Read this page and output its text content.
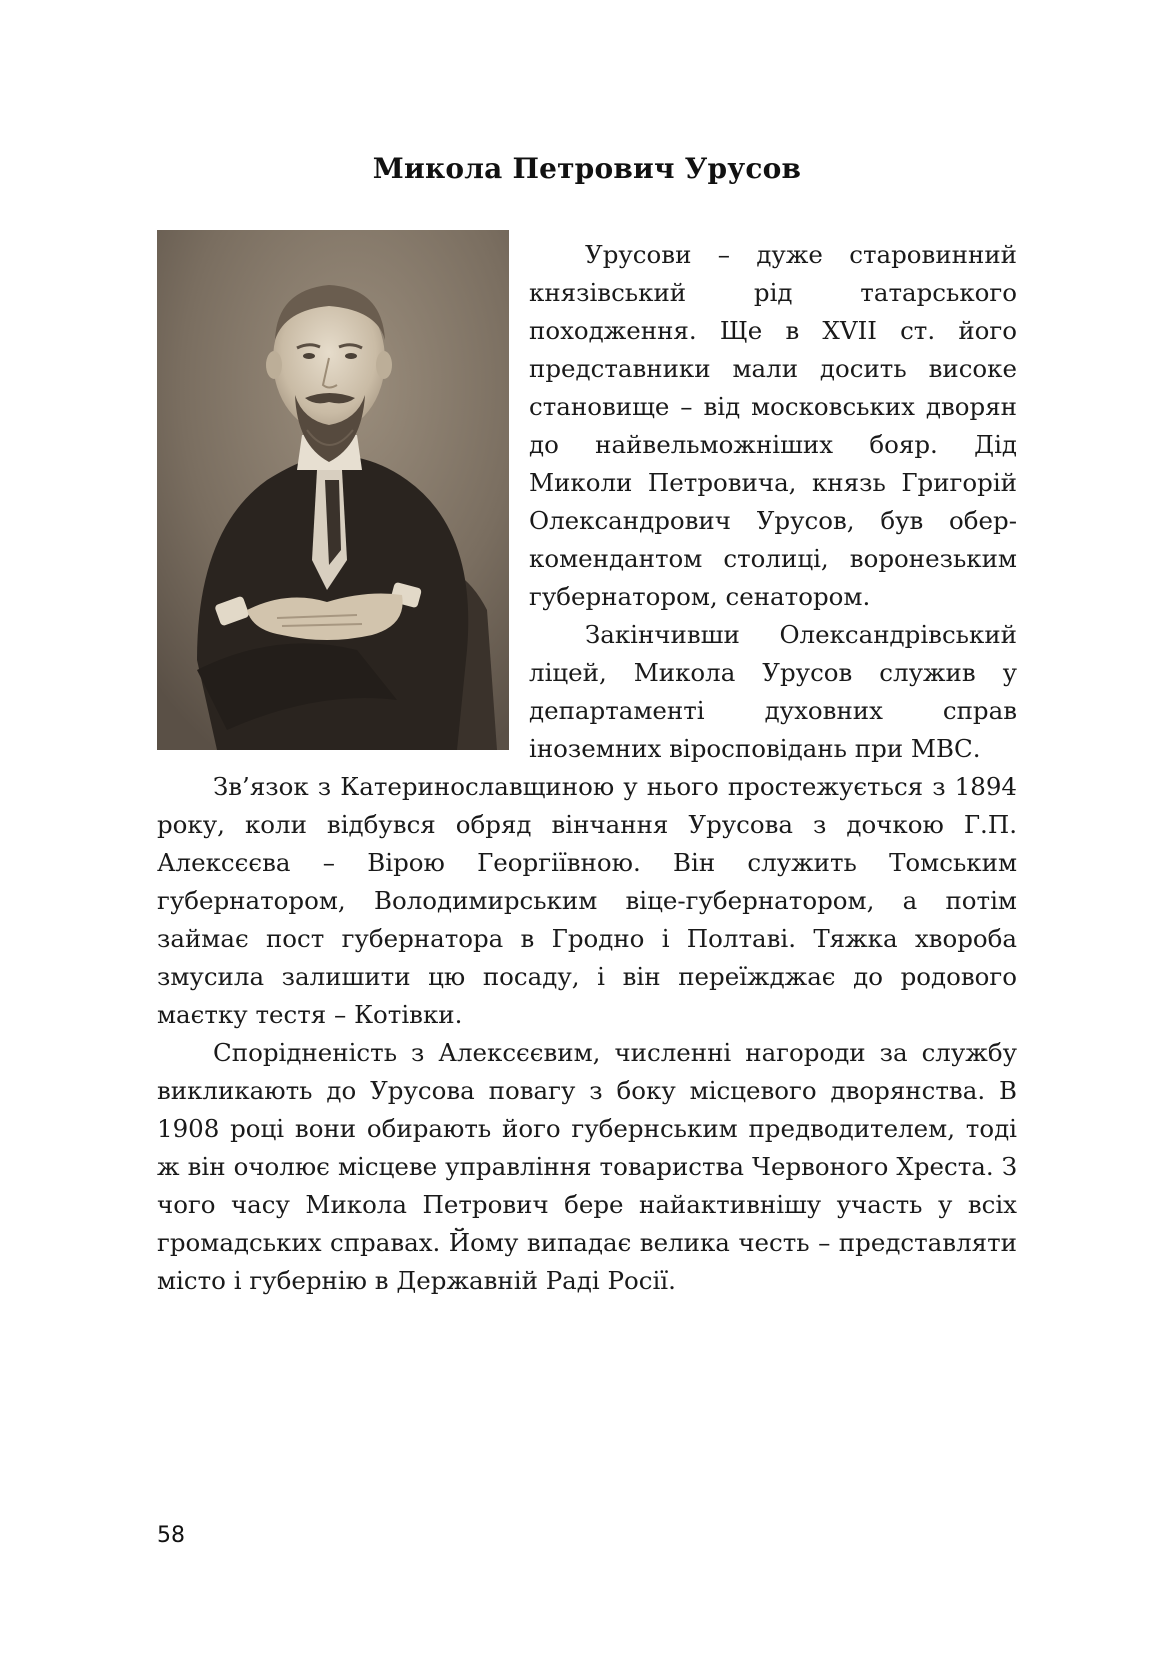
Микола Петрович Урусов

Урусови – дуже старовинний князівський рід татарського походження. Ще в XVII ст. його представники мали досить високе становище – від московських дворян до найвельможніших бояр. Дід Миколи Петровича, князь Григорій Олександрович Урусов, був обер-комендантом столиці, воронезьким губернатором, сенатором.

Закінчивши Олександрівський ліцей, Микола Урусов служив у департаменті духовних справ іноземних віросповідань при МВС.

Зв’язок з Катеринославщиною у нього простежується з 1894 року, коли відбувся обряд вінчання Урусова з дочкою Г.П. Алексєєва – Вірою Георгіївною. Він служить Томським губернатором, Володимирським віце-губернатором, а потім займає пост губернатора в Гродно і Полтаві. Тяжка хвороба змусила залишити цю посаду, і він переїжджає до родового маєтку тестя – Котівки.

Спорідненість з Алексєєвим, численні нагороди за службу викликають до Урусова повагу з боку місцевого дворянства. В 1908 році вони обирають його губернським предводителем, тоді ж він очолює місцеве управління товариства Червоного Хреста. З чого часу Микола Петрович бере найактивнішу участь у всіх громадських справах. Йому випадає велика честь – представляти місто і губернію в Державній Раді Росії.

58
